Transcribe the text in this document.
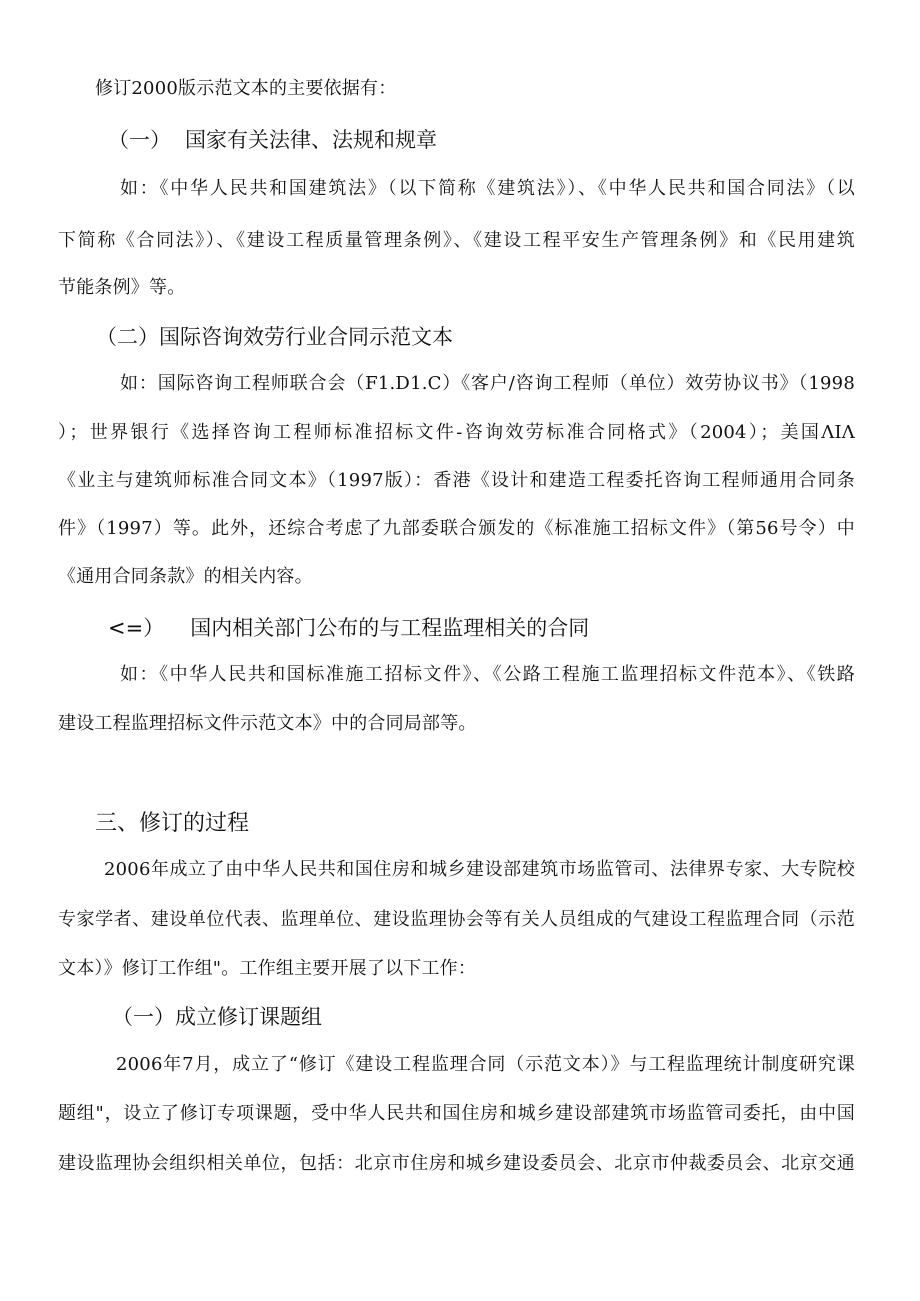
修订2000版示范文本的主要依据有：
（一） 国家有关法律、法规和规章
如：《中华人民共和国建筑法》（以下简称《建筑法》）、《中华人民共和国合同法》（以
下简称《合同法》）、《建设工程质量管理条例》、《建设工程平安生产管理条例》和《民用建筑
节能条例》等。
（二）国际咨询效劳行业合同示范文本
如：国际咨询工程师联合会（F1.D1.C）《客户/咨询工程师（单位）效劳协议书》（1998
）；世界银行《选择咨询工程师标准招标文件-咨询效劳标准合同格式》（2004）；美国ΛIΛ
《业主与建筑师标准合同文本》（1997版）：香港《设计和建造工程委托咨询工程师通用合同条
件》（1997）等。此外，还综合考虑了九部委联合颁发的《标准施工招标文件》（第56号令）中
《通用合同条款》的相关内容。
<=） 国内相关部门公布的与工程监理相关的合同
如：《中华人民共和国标准施工招标文件》、《公路工程施工监理招标文件范本》、《铁路
建设工程监理招标文件示范文本》中的合同局部等。
三、修订的过程
2006年成立了由中华人民共和国住房和城乡建设部建筑市场监管司、法律界专家、大专院校
专家学者、建设单位代表、监理单位、建设监理协会等有关人员组成的气建设工程监理合同（示范
文本）》修订工作组"。工作组主要开展了以下工作：
（一）成立修订课题组
2006年7月，成立了“修订《建设工程监理合同（示范文本）》与工程监理统计制度研究课
题组"，设立了修订专项课题，受中华人民共和国住房和城乡建设部建筑市场监管司委托，由中国
建设监理协会组织相关单位，包括：北京市住房和城乡建设委员会、北京市仲裁委员会、北京交通
